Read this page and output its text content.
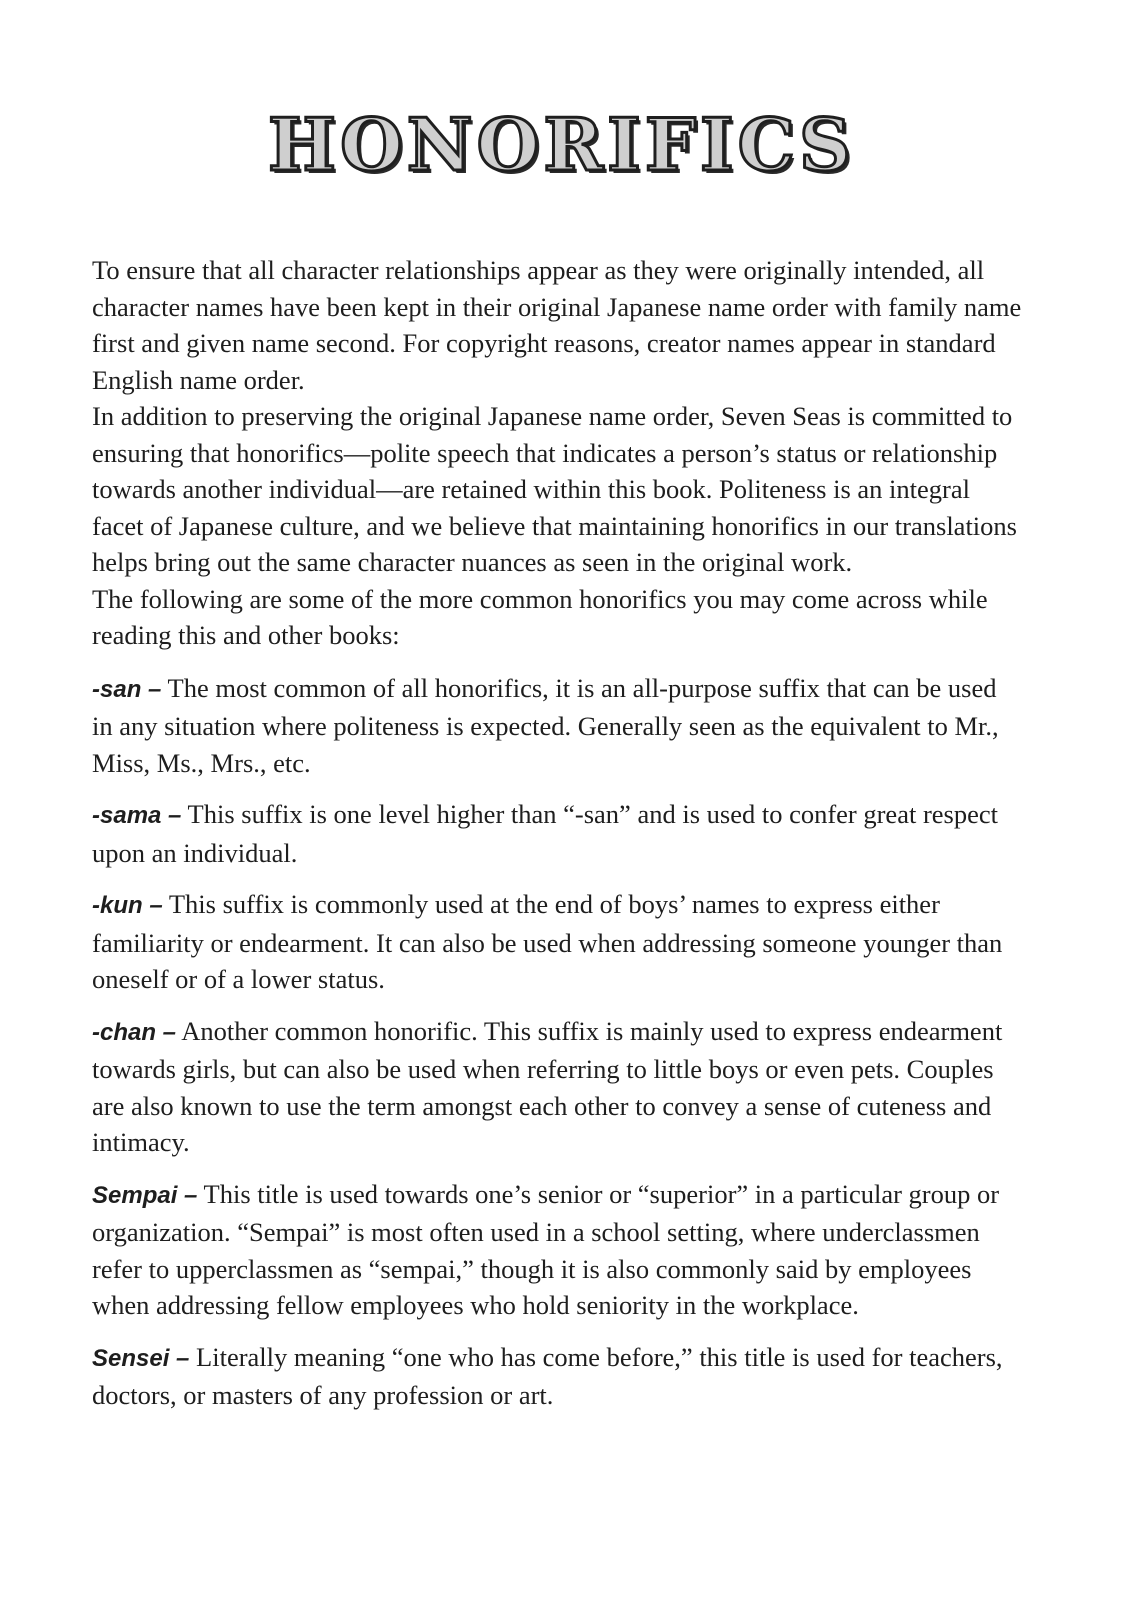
HONORIFICS

To ensure that all character relationships appear as they were originally intended, all character names have been kept in their original Japanese name order with family name first and given name second. For copyright reasons, creator names appear in standard English name order.

In addition to preserving the original Japanese name order, Seven Seas is committed to ensuring that honorifics—polite speech that indicates a person’s status or relationship towards another individual—are retained within this book. Politeness is an integral facet of Japanese culture, and we believe that maintaining honorifics in our translations helps bring out the same character nuances as seen in the original work.

The following are some of the more common honorifics you may come across while reading this and other books:

-san – The most common of all honorifics, it is an all-purpose suffix that can be used in any situation where politeness is expected. Generally seen as the equivalent to Mr., Miss, Ms., Mrs., etc.

-sama – This suffix is one level higher than “-san” and is used to confer great respect upon an individual.

-kun – This suffix is commonly used at the end of boys’ names to express either familiarity or endearment. It can also be used when addressing someone younger than oneself or of a lower status.

-chan – Another common honorific. This suffix is mainly used to express endearment towards girls, but can also be used when referring to little boys or even pets. Couples are also known to use the term amongst each other to convey a sense of cuteness and intimacy.

Sempai – This title is used towards one’s senior or “superior” in a particular group or organization. “Sempai” is most often used in a school setting, where underclassmen refer to upperclassmen as “sempai,” though it is also commonly said by employees when addressing fellow employees who hold seniority in the workplace.

Sensei – Literally meaning “one who has come before,” this title is used for teachers, doctors, or masters of any profession or art.
